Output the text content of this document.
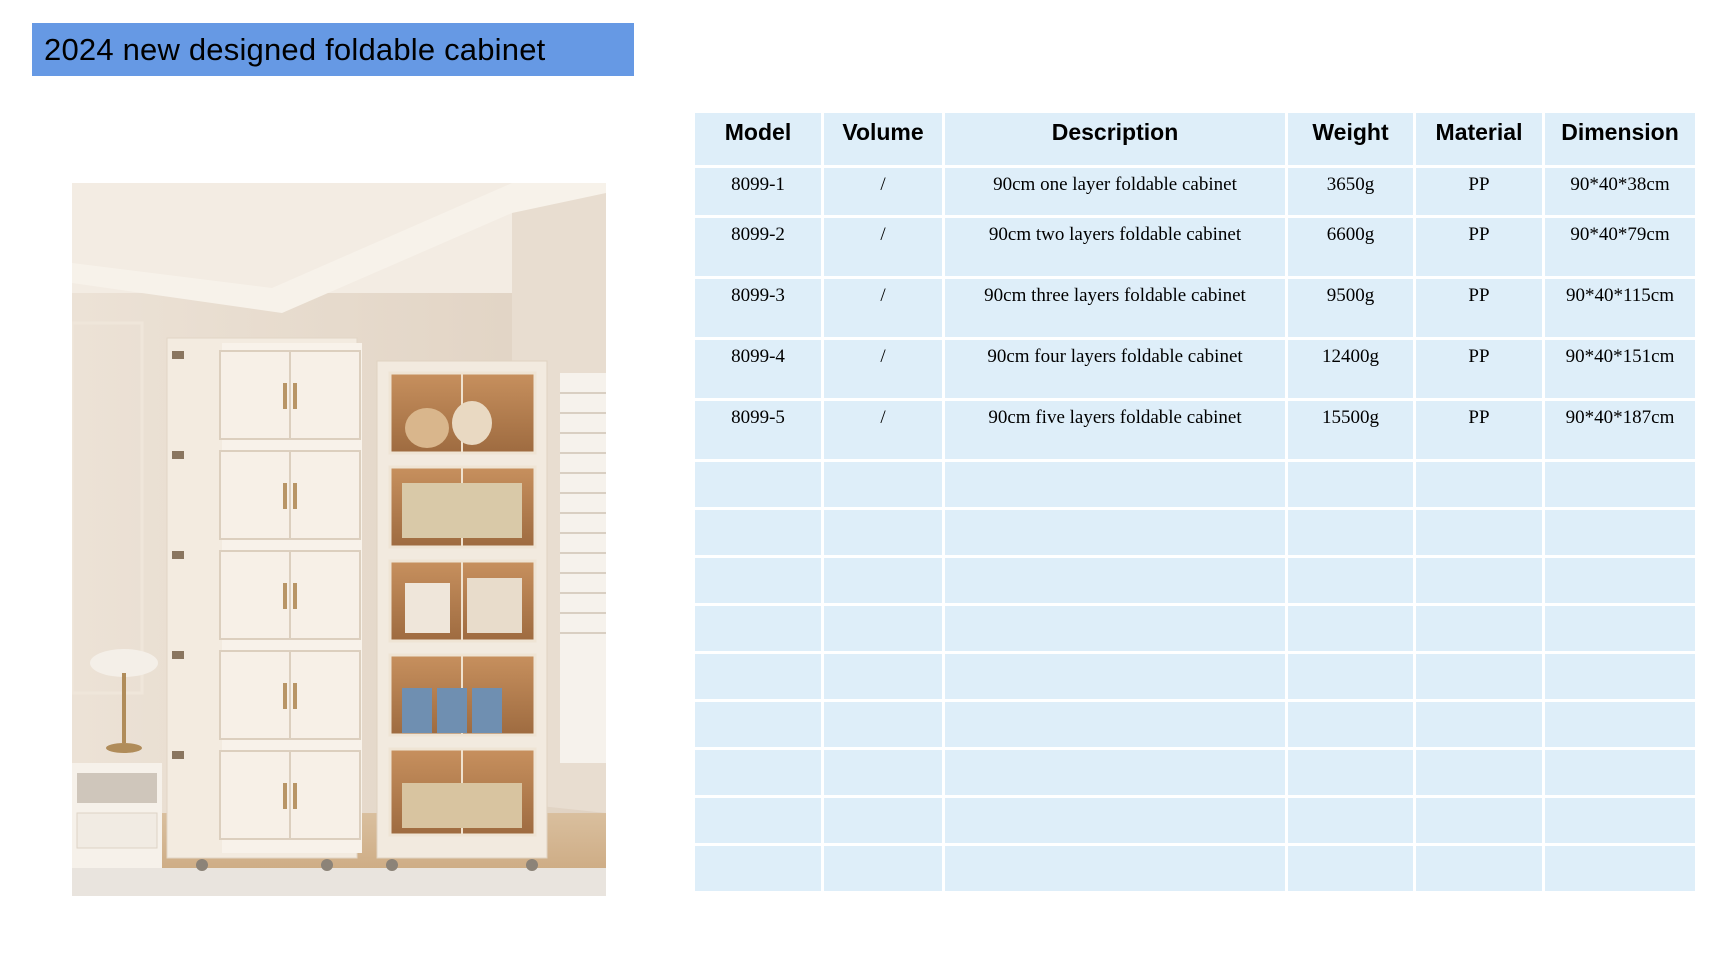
2024 new designed foldable cabinet
Model	Volume	Description	Weight	Material	Dimension
8099-1	/	90cm one layer foldable cabinet	3650g	PP	90*40*38cm
8099-2	/	90cm two layers foldable cabinet	6600g	PP	90*40*79cm
8099-3	/	90cm three layers foldable cabinet	9500g	PP	90*40*115cm
8099-4	/	90cm four layers foldable cabinet	12400g	PP	90*40*151cm
8099-5	/	90cm five layers foldable cabinet	15500g	PP	90*40*187cm
